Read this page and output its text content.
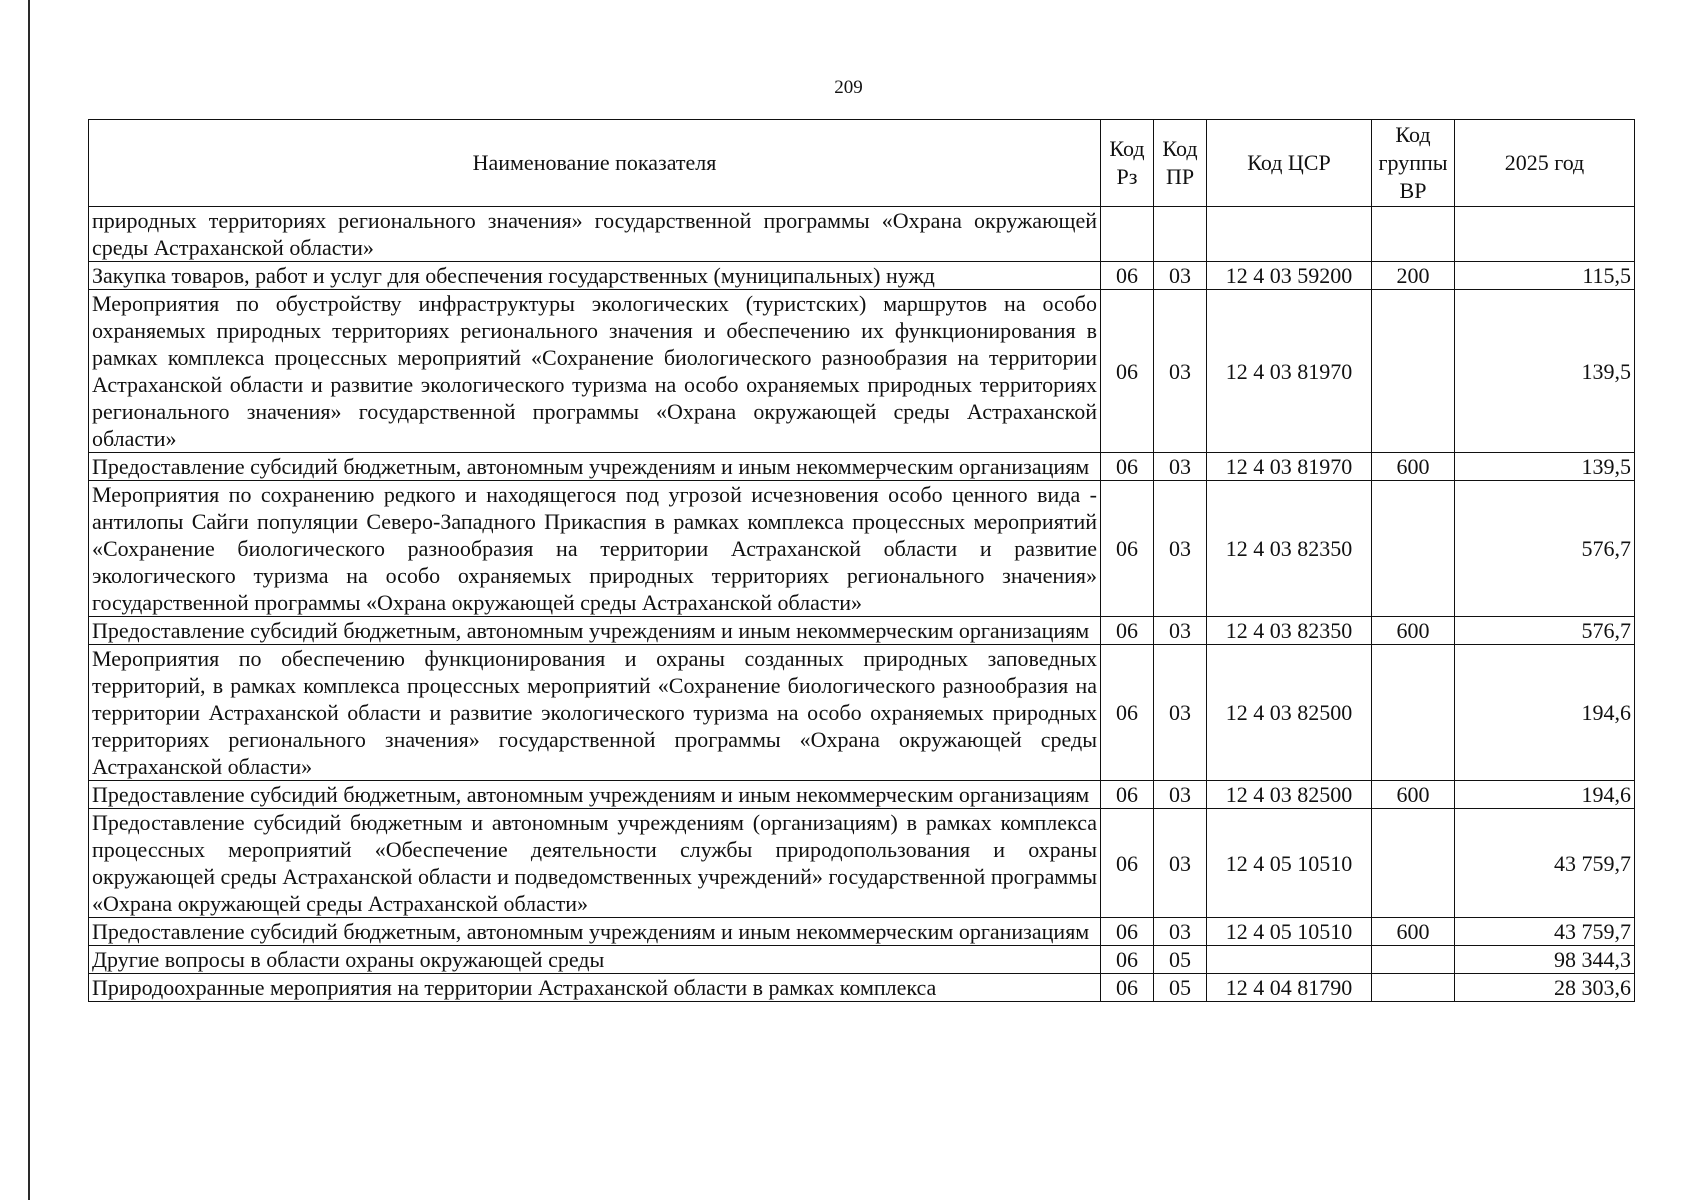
209
Наименование показателя	Код Рз	Код ПР	Код ЦСР	Код группы ВР	2025 год
природных территориях регионального значения» государственной программы «Охрана окружающей среды Астраханской области»					
Закупка товаров, работ и услуг для обеспечения государственных (муниципальных) нужд	06	03	12 4 03 59200	200	115,5
Мероприятия по обустройству инфраструктуры экологических (туристских) маршрутов на особо охраняемых природных территориях регионального значения и обеспечению их функционирования в рамках комплекса процессных мероприятий «Сохранение биологического разнообразия на территории Астраханской области и развитие экологического туризма на особо охраняемых природных территориях регионального значения» государственной программы «Охрана окружающей среды Астраханской области»	06	03	12 4 03 81970		139,5
Предоставление субсидий бюджетным, автономным учреждениям и иным некоммерческим организациям	06	03	12 4 03 81970	600	139,5
Мероприятия по сохранению редкого и находящегося под угрозой исчезновения особо ценного вида - антилопы Сайги популяции Северо-Западного Прикаспия в рамках комплекса процессных мероприятий «Сохранение биологического разнообразия на территории Астраханской области и развитие экологического туризма на особо охраняемых природных территориях регионального значения» государственной программы «Охрана окружающей среды Астраханской области»	06	03	12 4 03 82350		576,7
Предоставление субсидий бюджетным, автономным учреждениям и иным некоммерческим организациям	06	03	12 4 03 82350	600	576,7
Мероприятия по обеспечению функционирования и охраны созданных природных заповедных территорий, в рамках комплекса процессных мероприятий «Сохранение биологического разнообразия на территории Астраханской области и развитие экологического туризма на особо охраняемых природных территориях регионального значения» государственной программы «Охрана окружающей среды Астраханской области»	06	03	12 4 03 82500		194,6
Предоставление субсидий бюджетным, автономным учреждениям и иным некоммерческим организациям	06	03	12 4 03 82500	600	194,6
Предоставление субсидий бюджетным и автономным учреждениям (организациям) в рамках комплекса процессных мероприятий «Обеспечение деятельности службы природопользования и охраны окружающей среды Астраханской области и подведомственных учреждений» государственной программы «Охрана окружающей среды Астраханской области»	06	03	12 4 05 10510		43 759,7
Предоставление субсидий бюджетным, автономным учреждениям и иным некоммерческим организациям	06	03	12 4 05 10510	600	43 759,7
Другие вопросы в области охраны окружающей среды	06	05			98 344,3
Природоохранные мероприятия на территории Астраханской области в рамках комплекса	06	05	12 4 04 81790		28 303,6
